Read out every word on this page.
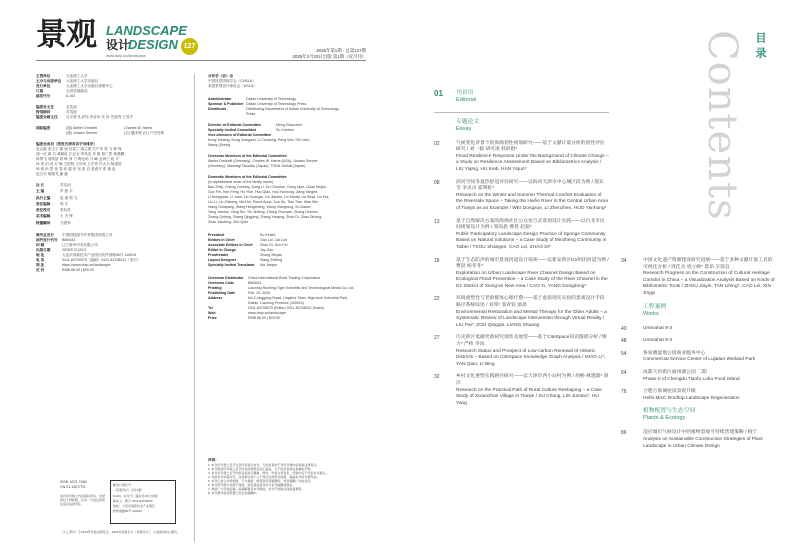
景观 LANDSCAPE
设计
DESIGN 127
www.dutp.cn/landscape
2025年第1期 · 总第127期
2025年2月20日出版 第1期（双月刊）
主管单位	大连理工大学
主办与出版单位	大连理工大学出版社
发行单位	大连理工大学出版社营销中心
订阅	全国各地邮局
邮发代号	8-104
编委会主任	孟兆祯
特别顾问	苏雪痕
编委会副主任	孔宇航 孔祥伟 李存东 沈 伟 史丽秀 王其亨
国际编委	(德) Atelier Dreiseitl	Charles W. Harris
(德) Johann Senner	(日) 樋木保 (日) 户田芳树
编委会成员（按姓氏拼音首字母排序）
包志毅 成玉宁 董 丽 杜春兰 端立群 关午军 郭 飞 韩 锋
胡一可 黄 巧 黄顺虹 江亚全 李凤连 李 雄 林广思 林建麟
林箐飞 刘滨谊 刘 晖 刘 力 陶达哈 马 嶂 孟海宁 欧 平
孙 虎 田 优 万 敏 王国恒 王向荣 王宏荣 许大为 杨建园
杨 锐 孙 思 张 春 张 健 张 晋 张 启 张淑平 张 艳 赵
赵万年 胡晓龙 潘 潘
社 长	苏克治
主 编	肖 振 平
执行主编	赵 迪 郭 飞
责任编辑	郭 宇
责任校对	张昕昌
美术编辑	王 杰 锋
特邀翻译	马建军
海外总发行	中国国际图书贸易集团有限公司
国外发行代号	BM0643
印 刷	辽宁新华印务有限公司
出版日期	2025年2月20日
地 址	大连市高新技术产业园区软件园路80号 116024
电 话	0411-84709075（编辑）0411-84708041（发行）
网 址	https://www.dutp.cn/landscape
定 价	RMB 88.00 | $20.00
合作学（协）会
中国风景园林学会（CHSLA）
美国景观设计师协会（ASLA）
Administrator	Dalian University of Technology
Sponsor & Publisher Dalian University of Technology Press
Distributor	Distributing Department of Dalian University of Technology
Press
Director of Editorial Committee	Meng Zhaozhen
Specially Invited Consultant	Su Xuehen
Vice-directors of Editorial Committee
Kong Yuhang, Kong Xiangwei, Li Cundong, Peng Wei, Shi Lixiu,
Wang Qiheng
Overseas Members of the Editorial Committee
Atelier Dreiseitl (Germany), Charles W. Harris (USA), Johann Senner
(Germany), Masuagi Tamotsu (Japan), TODA Yoshiki (Japan)
Domestic Members of the Editorial Committee
(in alphabetical order of the family name)
Bao Zhiyi, Cheng Yunning, Dong Li, Du Chunlan, Gong Lijun, Guan Wujun,
Guo Fei, Han Feng, Hu Yike, Huo Qiao, Huo Yanhong, Jiang Yangee,
Li Hongyuan, Li Juan, Lin Guangsi, Lin Jianlan, Lin Muifai, Liu Binyi, Liu Hui,
Liu Li, Liu Zhiheng, Ma Hui, Pierre Auric, Sun Hu, Tian Tian, Wan Min,
Wang Guoqiang, Wang Hongcheng, Wang Xiangrong, Xu Dawei,
Yang Jianhui, Yang Rui, Yin Jinfeng, Zhang Chunyan, Zhang Dezhun,
Zhang Qidong, Zhang Qingping, Zhang Yanying, Zhao Di, Zhao Dihong,
Zhao Xiaolong, Zhu Qian
President	Su Keizhi
Editors in Chief	Gao Lai, Cai Lun
Associate Editors in Chief	Zhao Di, Guo Fei
Editor in Charge	Joy Gao
Proofreader	Zhang Xinyan
Layout Designer	Wang Zhifeng
Specially Invited Translator	Ma Jianjun
Overseas Distributor	China International Book Trading Corporation
Overseas Code	BM0643
Printing	Liaoning Running Tiger Scientific and Technological Media Co.,Ltd.
Publishing Date	Feb. 20, 2025
Address	No.2 Linggong Road, Lingshui Town, High-tech Industrial Park,
Dalian, Liaoning Province (116024)
Tel	0411-84708075 (Editor) 0411-84708041 (Sales)
Web	www.dutp.cn/landscape
Price	RMB 88.00 | $20.00
声明：
1. 本刊所刊登之章节文章所有权归本刊，凡出版者均不对所刊登内容承担法律责任。
2. 本刊保留所刊载之章节内容的使用权及汇编权，凡不同意者请在来稿时声明。
3. 本刊对刊登之章节内容有权进行删减、修改，作者文责自负，所载内容不代表本刊观点。
4. 未经本刊书面许可，任何单位和个人不得以任何形式转载、摘编本刊所刊登作品。
5. 本刊已加入中国知网、万方数据、维普资讯等数据库，作者稿酬一次性支付。
6. 本刊部分图片来源于网络，如有侵权请及时与本刊编辑部联系。
7. 欢迎广大读者投稿，投稿邮箱见本刊网站，本刊不收取任何版面费用。
8. 本刊著作权使用费已包含在稿酬中。
邮局订阅代号
《景观设计》全年6册
8-104，双月刊（逢双月20日出版）
联系人：郭宇 0411-84709075
地址：大连市高新技术产业园区
软件园路80号 116024
ISSN 1672-7460
CN 21-1507/TU
本刊所刊载之内容版权所有，未经授权不得转载，任何一方违反将依法追究法律责任。
《大工季刊》于1970年开始出版发行，2002年起更名为《景观设计》，入选国家核心期刊。
Contents 目录
01	刊首语
Editorial
专题论文
Essay
02	气候变化背景下的海绵韧性规划研究——基于文献计量分析的韧性评估研究 / 刘一毅 胡可凌 韩轶群*
Flood Resilience Response Under the Background of Climate Change – a Study on Resilience Assessment Based on Bibliometrics Analysis / LIU Yiqing, HU Kedi, HAN Yiqun*
08	滨河空间冬夏热舒适评价研究——以海河天津市中心城区段为例 / 殷东 雪 李贞贞 霍明虹*
Research on the Winter and Summer Thermal Comfort Evaluation of the Riverside Space – Taking the Haihe River in the Central Urban Area of Tianjin as an Example / WEI Dongxue, LI Zhenzhen, HUO Yanhong*
13	基于自然解决方案的海绵社区公众参与式景观设计实践——以台北市民间规划设计为例 / 邹尚恩 曹晨 赵迪*
Public Participatory Landscape Design Practice of Sponge Community Based on Natural Solutions – a Case Study of Minzheng Community in Taibei / TSOU Shangen, CAO Lei, ZHAO Di*
18	基于生态防洪的城市景观河道设计探索——以新安新区D1组团河道为例 / 曹晨 杨冬冬*
Exploration on Urban Landscape River Channel Design Based on Ecological Flood Prevention – a Case Study of the River Channel in the D1 District of Xiong'an New Area / CAO Yi, YANG Dongdong*
22	环境重塑性与老龄群体心理疗愈——基于虚拟现实实验的景观设计手段路径系统综述 / 刘邦* 邹青钦 梁晨
Environmental Restoration and Mental Therapy for the Older Adults – a Systematic Review of Landscape Intervention through Virtual Reality / LIU Pai*, ZOU Qingqin, LIANG Shuang
27	历史街区低碳更新研究现状及展望——基于CiteSpace知识图谱分析 / 缪力* 严桥 李冰
Research Status and Prospect of Low-carbon Renewal of Historic Districts – Based on CiteSpace Knowledge Graph Analysis / MIAO Li*, YAN Qiao, LI Bing
32	乡村文化重塑实践路径研究——以天津市西小站村为例 / 胡畅 林建燚* 胡洋
Research on the Practical Path of Rural Culture Reshaping – a Case Study of Xixiaozhan Village in Tianjin / XU Chang, LIN Jiantao*, HU Yang
34	中国文化遗产资源建设研究进展——基于多种文献计量工具的可视化分析 / 周佳舍 唐立峰* 景昂 辛琼宜
Research Progress on the Construction of Cultural Heritage Corridor in China – a Visualization Analysis Based on Kinds of Bibliometric Tools / ZHOU Jiayin, TAN Lifeng*, CAO Lei, XIN Jingyi
工程案例
Works
40	Ummahat 9-3
48	Ummahat 9-3
54	鲁家滩湿地公园商业服务中心
Commercial Service Center of Lujiatan Wetland Park
64	成都天府新区福州湖公园 二期
Phase II of Chengdu Tianfu Luhu Food Island
76	合肥万象城屋顶景观升级
Hefei MixC Rooftop Landscape Regeneration
植物配置与生态空间
Plants & Ecology
86	适应城市气候设计中的植物景观可持续营建策略 / 杨宁
Analysis on Sustainable Construction Strategies of Plant Landscape in Urban Climate Design
